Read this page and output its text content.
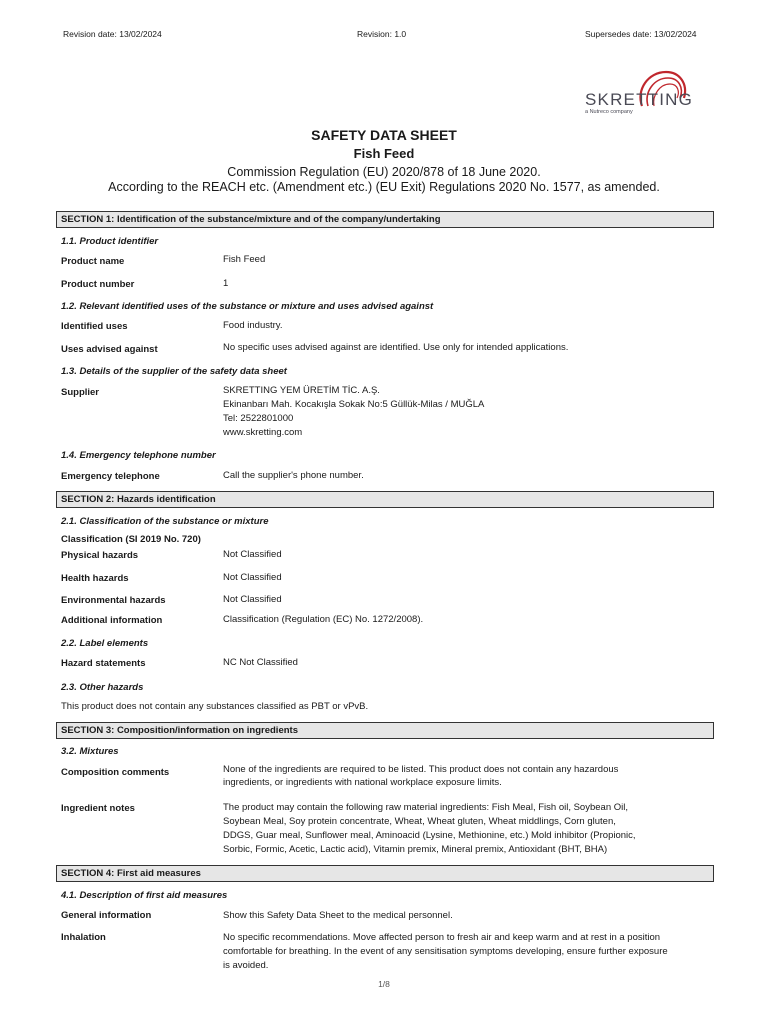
Revision date: 13/02/2024	Revision: 1.0	Supersedes date: 13/02/2024
SKRETTING
a Nutreco company
SAFETY DATA SHEET
Fish Feed
Commission Regulation (EU) 2020/878 of 18 June 2020.
According to the REACH etc. (Amendment etc.) (EU Exit) Regulations 2020 No. 1577, as amended.
SECTION 1: Identification of the substance/mixture and of the company/undertaking
1.1. Product identifier
Product name	Fish Feed
Product number	1
1.2. Relevant identified uses of the substance or mixture and uses advised against
Identified uses	Food industry.
Uses advised against	No specific uses advised against are identified. Use only for intended applications.
1.3. Details of the supplier of the safety data sheet
Supplier	SKRETTING YEM ÜRETİM TİC. A.Ş.
Ekinanbarı Mah. Kocakışla Sokak No:5 Güllük-Milas / MUĞLA
Tel: 2522801000
www.skretting.com
1.4. Emergency telephone number
Emergency telephone	Call the supplier's phone number.
SECTION 2: Hazards identification
2.1. Classification of the substance or mixture
Classification (SI 2019 No. 720)
Physical hazards	Not Classified
Health hazards	Not Classified
Environmental hazards	Not Classified
Additional information	Classification (Regulation (EC) No. 1272/2008).
2.2. Label elements
Hazard statements	NC Not Classified
2.3. Other hazards
This product does not contain any substances classified as PBT or vPvB.
SECTION 3: Composition/information on ingredients
3.2. Mixtures
Composition comments	None of the ingredients are required to be listed. This product does not contain any hazardous
ingredients, or ingredients with national workplace exposure limits.
Ingredient notes	The product may contain the following raw material ingredients: Fish Meal, Fish oil, Soybean Oil,
Soybean Meal, Soy protein concentrate, Wheat, Wheat gluten, Wheat middlings, Corn gluten,
DDGS, Guar meal, Sunflower meal, Aminoacid (Lysine, Methionine, etc.) Mold inhibitor (Propionic,
Sorbic, Formic, Acetic, Lactic acid), Vitamin premix, Mineral premix, Antioxidant (BHT, BHA)
SECTION 4: First aid measures
4.1. Description of first aid measures
General information	Show this Safety Data Sheet to the medical personnel.
Inhalation	No specific recommendations. Move affected person to fresh air and keep warm and at rest in a position
comfortable for breathing. In the event of any sensitisation symptoms developing, ensure further exposure
is avoided.
1/8
